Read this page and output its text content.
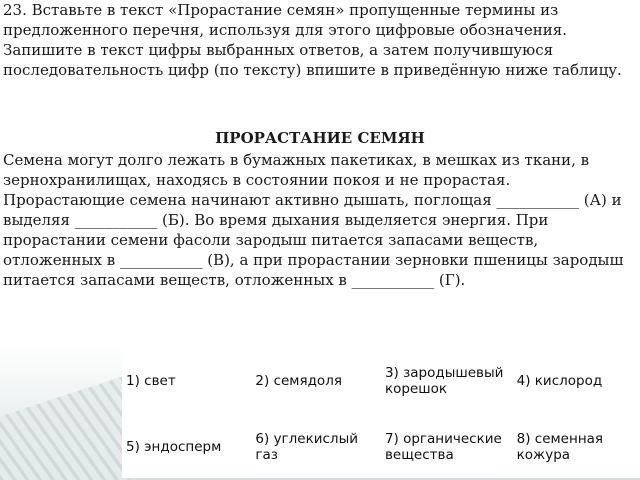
23. Вставьте в текст «Прорастание семян» пропущенные термины из предложенного перечня, используя для этого цифровые обозначения. Запишите в текст цифры выбранных ответов, а затем получившуюся последовательность цифр (по тексту) впишите в приведённую ниже таблицу.

ПРОРАСТАНИЕ СЕМЯН

Семена могут долго лежать в бумажных пакетиках, в мешках из ткани, в зернохранилищах, находясь в состоянии покоя и не прорастая. Прорастающие семена начинают активно дышать, поглощая ___________ (А) и выделяя ___________ (Б). Во время дыхания выделяется энергия. При прорастании семени фасоли зародыш питается запасами веществ, отложенных в ___________ (В), а при прорастании зерновки пшеницы зародыш питается запасами веществ, отложенных в ___________ (Г).

1) свет	2) семядоля	3) зародышевый корешок	4) кислород
5) эндосперм	6) углекислый газ	7) органические вещества	8) семенная кожура
